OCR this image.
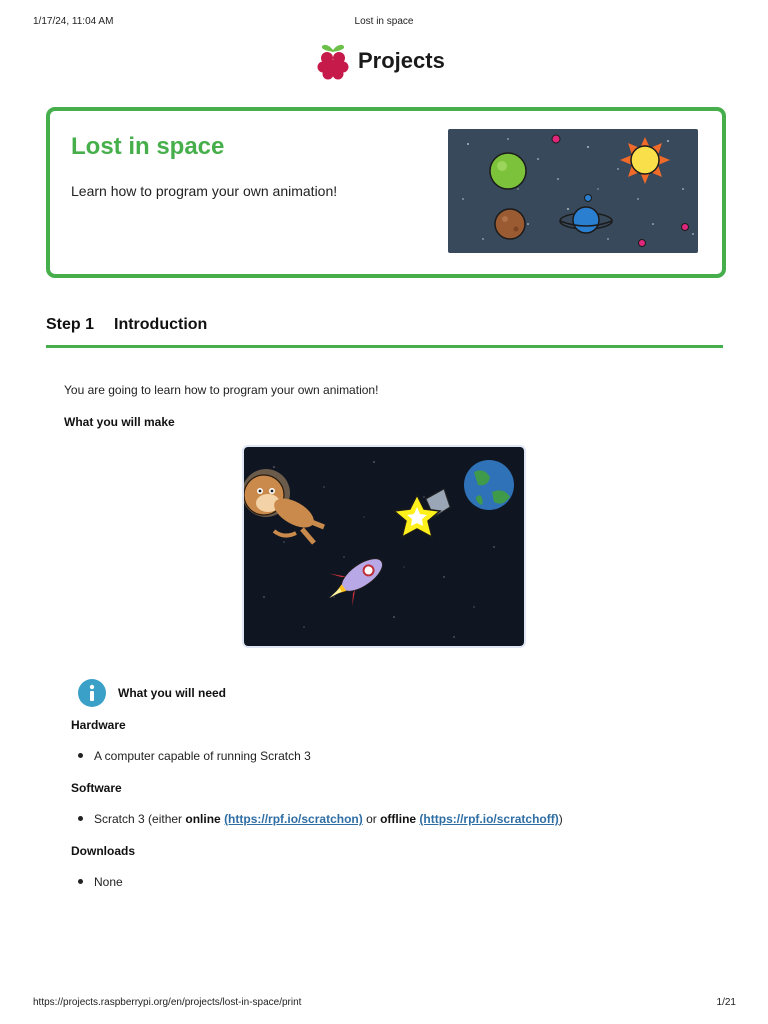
1/17/24, 11:04 AM	Lost in space
Projects
Lost in space
Learn how to program your own animation!
Step 1 Introduction
You are going to learn how to program your own animation!
What you will make
What you will need
Hardware
A computer capable of running Scratch 3
Software
Scratch 3 (either online (https://rpf.io/scratchon) or offline (https://rpf.io/scratchoff))
Downloads
None
https://projects.raspberrypi.org/en/projects/lost-in-space/print	1/21
